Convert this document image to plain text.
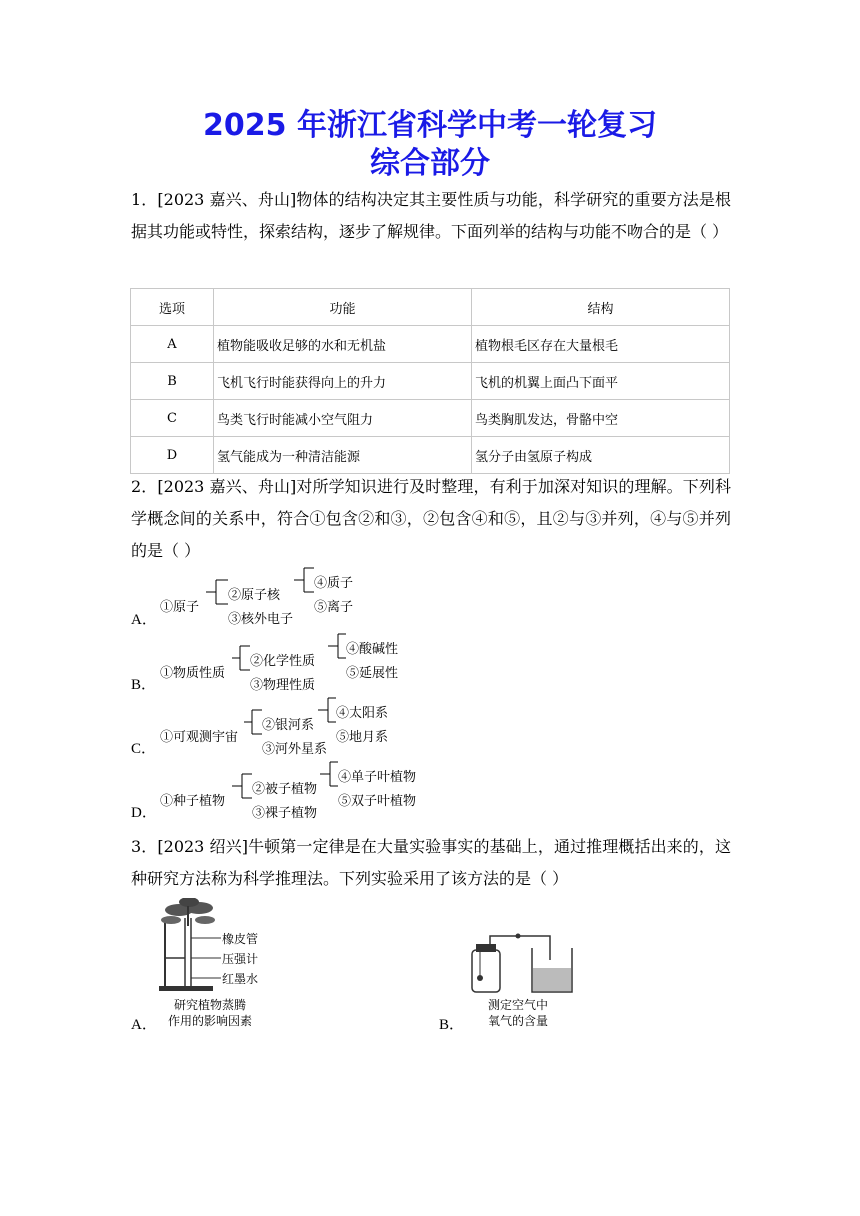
2025 年浙江省科学中考一轮复习
综合部分
1．[2023 嘉兴、舟山]物体的结构决定其主要性质与功能，科学研究的重要方法是根据其功能或特性，探索结构，逐步了解规律。下面列举的结构与功能不吻合的是（ ）
选项	功能	结构
A	植物能吸收足够的水和无机盐	植物根毛区存在大量根毛
B	飞机飞行时能获得向上的升力	飞机的机翼上面凸下面平
C	鸟类飞行时能减小空气阻力	鸟类胸肌发达，骨骼中空
D	氢气能成为一种清洁能源	氢分子由氢原子构成
2．[2023 嘉兴、舟山]对所学知识进行及时整理，有利于加深对知识的理解。下列科学概念间的关系中，符合①包含②和③，②包含④和⑤，且②与③并列，④与⑤并列的是（ ）
A．
①原子
②原子核
③核外电子
④质子
⑤离子
B．
①物质性质
②化学性质
③物理性质
④酸碱性
⑤延展性
C．
①可观测宇宙
②银河系
③河外星系
④太阳系
⑤地月系
D．
①种子植物
②被子植物
③裸子植物
④单子叶植物
⑤双子叶植物
3．[2023 绍兴]牛顿第一定律是在大量实验事实的基础上，通过推理概括出来的，这种研究方法称为科学推理法。下列实验采用了该方法的是（ ）
A．
橡皮管
压强计
红墨水
研究植物蒸腾
作用的影响因素	B．
测定空气中
氧气的含量
